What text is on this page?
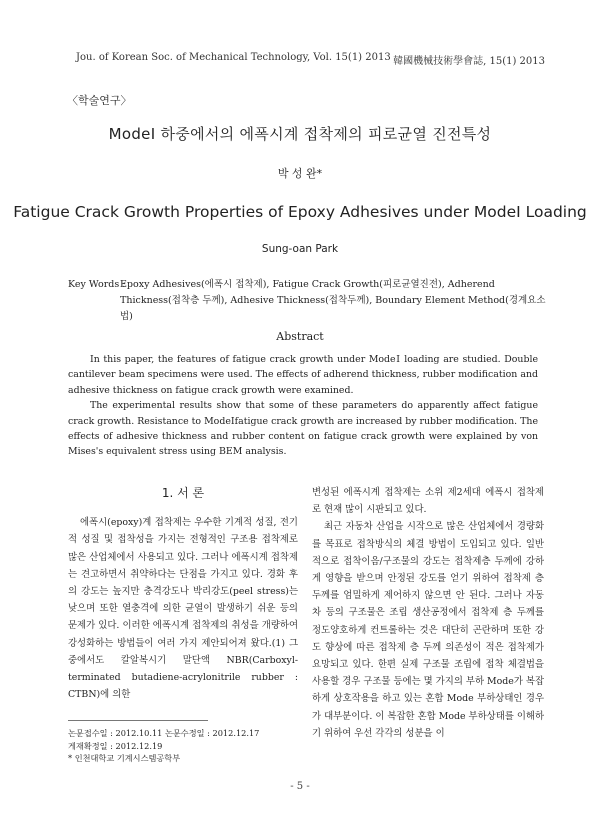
Jou. of Korean Soc. of Mechanical Technology, Vol. 15(1) 2013 韓國機械技術學會誌, 15(1) 2013
〈학술연구〉
ModeⅠ 하중에서의 에폭시계 접착제의 피로균열 진전특성
박 성 완*
Fatigue Crack Growth Properties of Epoxy Adhesives under ModeⅠ Loading
Sung-oan Park
Key Words :
Epoxy Adhesives(에폭시 접착제), Fatigue Crack Growth(피로균열진전), Adherend Thickness(접착층 두께), Adhesive Thickness(접착두께), Boundary Element Method(경계요소법)
Abstract

In this paper, the features of fatigue crack growth under ModeⅠ loading are studied. Double cantilever beam specimens were used. The effects of adherend thickness, rubber modification and adhesive thickness on fatigue crack growth were examined.

The experimental results show that some of these parameters do apparently affect fatigue crack growth. Resistance to ModeⅠfatigue crack growth are increased by rubber modification. The effects of adhesive thickness and rubber content on fatigue crack growth were explained by von Mises's equivalent stress using BEM analysis.

1. 서 론

에폭시(epoxy)계 접착제는 우수한 기계적 성질, 전기적 성질 및 접착성을 가지는 전형적인 구조용 접착제로 많은 산업체에서 사용되고 있다. 그러나 에폭시계 접착제는 견고하면서 취약하다는 단점을 가지고 있다. 경화 후의 강도는 높지만 충격강도나 박리강도(peel stress)는 낮으며 또한 열충격에 의한 균열이 발생하기 쉬운 등의 문제가 있다. 이러한 에폭시계 접착제의 취성을 개량하여 강성화하는 방법들이 여러 가지 제안되어져 왔다.(1) 그중에서도 칼알복시기 말단액 NBR(Carboxyl-terminated butadiene-acrylonitrile rubber : CTBN)에 의한

변성된 에폭시계 접착제는 소위 제2세대 에폭시 접착제로 현재 많이 시판되고 있다.

최근 자동차 산업을 시작으로 많은 산업체에서 경량화를 목표로 접착방식의 체결 방법이 도입되고 있다. 일반적으로 접착이음/구조물의 강도는 접착제층 두께에 강하게 영향을 받으며 안정된 강도를 얻기 위하여 접착제 층 두께를 엄밀하게 제어하지 않으면 안 된다. 그러나 자동차 등의 구조물은 조립 생산공정에서 접착제 층 두께를 정도양호하게 컨트롤하는 것은 대단히 곤란하며 또한 강도 향상에 따른 접착제 층 두께 의존성이 적은 접착제가 요망되고 있다. 한편 실제 구조물 조립에 접착 체결법을 사용할 경우 구조물 등에는 몇 가지의 부하 Mode가 복잡하게 상호작용을 하고 있는 혼합 Mode 부하상태인 경우가 대부분이다. 이 복잡한 혼합 Mode 부하상태를 이해하기 위하여 우선 각각의 성분을 이

논문접수일 : 2012.10.11 논문수정일 : 2012.12.17
게재확정일 : 2012.12.19
* 인천대학교 기계시스템공학부
- 5 -
